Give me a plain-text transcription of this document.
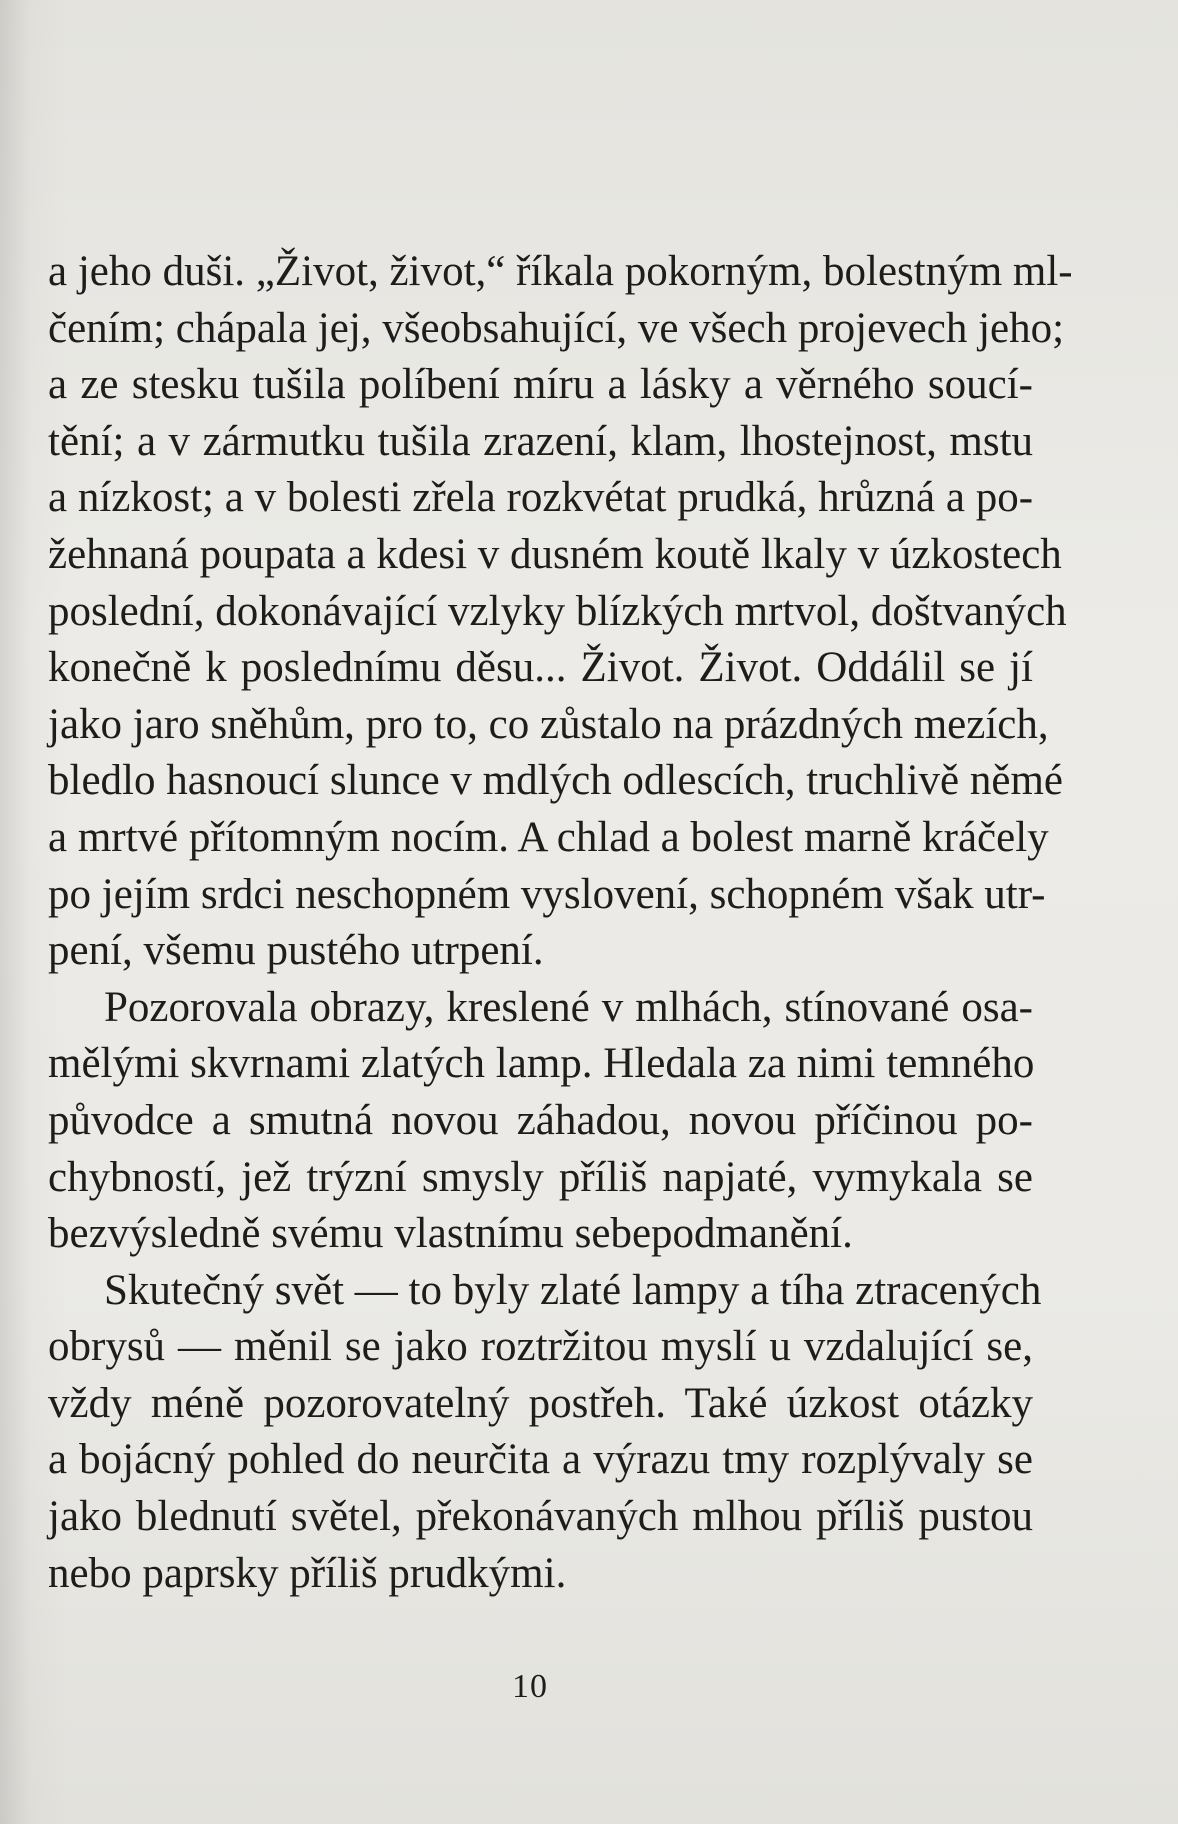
a jeho duši. „Život, život,“ říkala pokorným, bolestným ml-
čením; chápala jej, všeobsahující, ve všech projevech jeho;
a ze stesku tušila políbení míru a lásky a věrného soucí-
tění; a v zármutku tušila zrazení, klam, lhostejnost, mstu
a nízkost; a v bolesti zřela rozkvétat prudká, hrůzná a po-
žehnaná poupata a kdesi v dusném koutě lkaly v úzkostech
poslední, dokonávající vzlyky blízkých mrtvol, doštvaných
konečně k poslednímu děsu... Život. Život. Oddálil se jí
jako jaro sněhům, pro to, co zůstalo na prázdných mezích,
bledlo hasnoucí slunce v mdlých odlescích, truchlivě němé
a mrtvé přítomným nocím. A chlad a bolest marně kráčely
po jejím srdci neschopném vyslovení, schopném však utr-
pení, všemu pustého utrpení.
Pozorovala obrazy, kreslené v mlhách, stínované osa-
mělými skvrnami zlatých lamp. Hledala za nimi temného
původce a smutná novou záhadou, novou příčinou po-
chybností, jež trýzní smysly příliš napjaté, vymykala se
bezvýsledně svému vlastnímu sebepodmanění.
Skutečný svět — to byly zlaté lampy a tíha ztracených
obrysů — měnil se jako roztržitou myslí u vzdalující se,
vždy méně pozorovatelný postřeh. Také úzkost otázky
a bojácný pohled do neurčita a výrazu tmy rozplývaly se
jako blednutí světel, překonávaných mlhou příliš pustou
nebo paprsky příliš prudkými.
10
